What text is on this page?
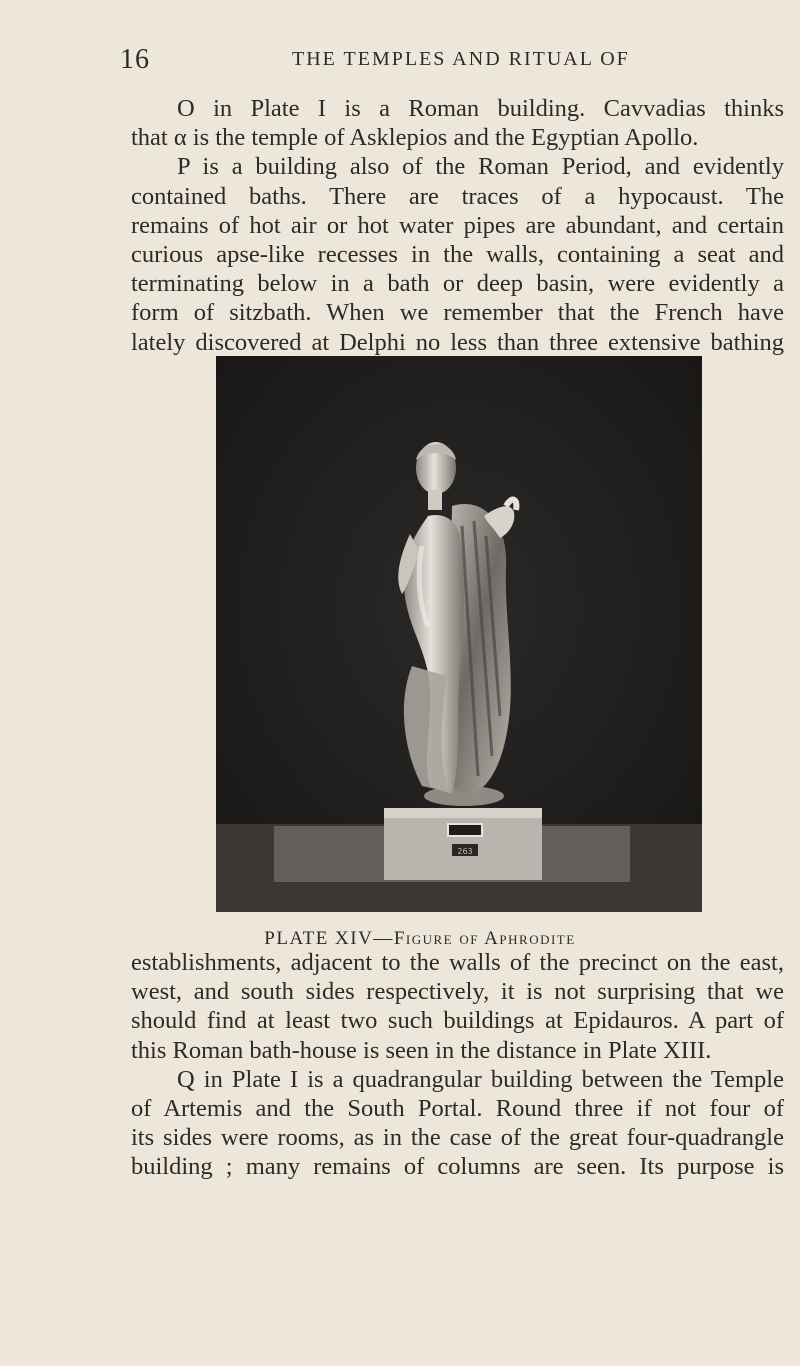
16	THE TEMPLES AND RITUAL OF
O in Plate I is a Roman building. Cavvadias thinks
that α is the temple of Asklepios and the Egyptian Apollo.
P is a building also of the Roman Period, and evidently
contained baths. There are traces of a hypocaust. The
remains of hot air or hot water pipes are abundant, and certain
curious apse-like recesses in the walls, containing a seat and
terminating below in a bath or deep basin, were evidently a
form of sitzbath. When we remember that the French have
lately discovered at Delphi no less than three extensive bathing
263
PLATE XIV—Figure of Aphrodite
establishments, adjacent to the walls of the precinct on the east,
west, and south sides respectively, it is not surprising that we
should find at least two such buildings at Epidauros. A part of
this Roman bath-house is seen in the distance in Plate XIII.
Q in Plate I is a quadrangular building between the Temple
of Artemis and the South Portal. Round three if not four of
its sides were rooms, as in the case of the great four-quadrangle
building ; many remains of columns are seen. Its purpose is
